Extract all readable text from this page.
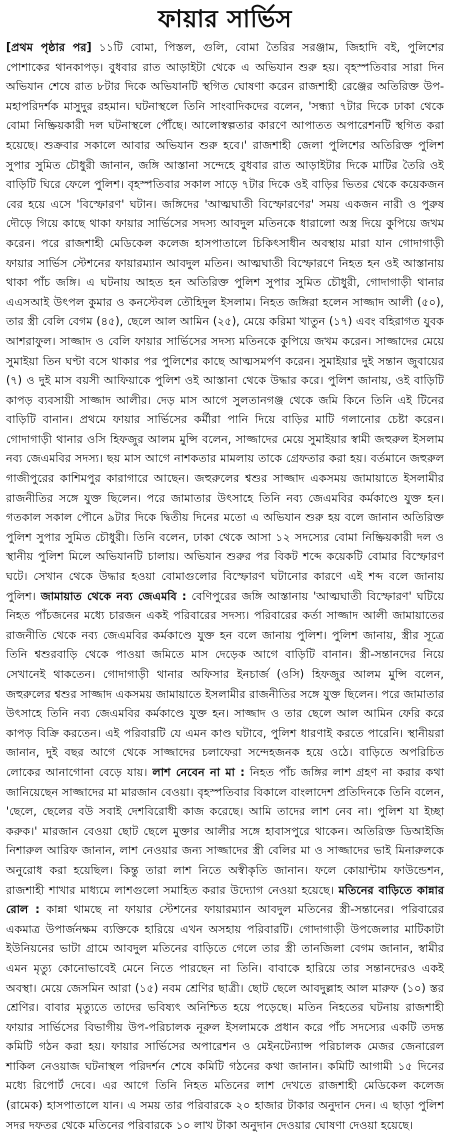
ফায়ার সার্ভিস

[প্রথম পৃষ্ঠার পর] ১১টি বোমা, পিস্তল, গুলি, বোমা তৈরির সরঞ্জাম, জিহাদি বই, পুলিশের পোশাকের থানকাপড়। বুধবার রাত আড়াইটা থেকে এ অভিযান শুরু হয়। বৃহস্পতিবার সারা দিন অভিযান শেষে রাত ৮টার দিকে অভিযানটি স্থগিত ঘোষণা করেন রাজশাহী রেঞ্জের অতিরিক্ত উপ-মহাপরিদর্শক মাসুদুর রহমান। ঘটনাস্থলে তিনি সাংবাদিকদের বলেন, 'সন্ধ্যা ৭টার দিকে ঢাকা থেকে বোমা নিষ্ক্রিয়কারী দল ঘটনাস্থলে পৌঁছে। আলোস্বল্পতার কারণে আপাতত অপারেশনটি স্থগিত করা হয়েছে। শুক্রবার সকালে আবার অভিযান শুরু হবে।' রাজশাহী জেলা পুলিশের অতিরিক্ত পুলিশ সুপার সুমিত চৌধুরী জানান, জঙ্গি আস্তানা সন্দেহে বুধবার রাত আড়াইটার দিকে মাটির তৈরি ওই বাড়িটি ঘিরে ফেলে পুলিশ। বৃহস্পতিবার সকাল সাড়ে ৭টার দিকে ওই বাড়ির ভিতর থেকে কয়েকজন বের হয়ে এসে 'বিস্ফোরণ' ঘটান। জঙ্গিদের 'আত্মঘাতী বিস্ফোরণের' সময় একজন নারী ও পুরুষ দৌড়ে গিয়ে কাছে থাকা ফায়ার সার্ভিসের সদস্য আবদুল মতিনকে ধারালো অস্ত্র দিয়ে কুপিয়ে জখম করেন। পরে রাজশাহী মেডিকেল কলেজ হাসপাতালে চিকিৎসাধীন অবস্থায় মারা যান গোদাগাড়ী ফায়ার সার্ভিস স্টেশনের ফায়ারম্যান আবদুল মতিন। আত্মঘাতী বিস্ফোরণে নিহত হন ওই আস্তানায় থাকা পাঁচ জঙ্গি। এ ঘটনায় আহত হন অতিরিক্ত পুলিশ সুপার সুমিত চৌধুরী, গোদাগাড়ী থানার এএসআই উৎপল কুমার ও কনস্টেবল তৌহিদুল ইসলাম। নিহত জঙ্গিরা হলেন সাজ্জাদ আলী (৫০), তার স্ত্রী বেলি বেগম (৪৫), ছেলে আল আমিন (২৫), মেয়ে করিমা খাতুন (১৭) এবং বহিরাগত যুবক আশরাফুল। সাজ্জাদ ও বেলি ফায়ার সার্ভিসের সদস্য মতিনকে কুপিয়ে জখম করেন। সাজ্জাদের মেয়ে সুমাইয়া তিন ঘণ্টা বসে থাকার পর পুলিশের কাছে আত্মসমর্পণ করেন। সুমাইয়ার দুই সন্তান জুবায়ের (৭) ও দুই মাস বয়সী আফিয়াকে পুলিশ ওই আস্তানা থেকে উদ্ধার করে। পুলিশ জানায়, ওই বাড়িটি কাপড় ব্যবসায়ী সাজ্জাদ আলীর। দেড় মাস আগে সুলতানগঞ্জ থেকে জমি কিনে তিনি এই টিনের বাড়িটি বানান। প্রথমে ফায়ার সার্ভিসের কর্মীরা পানি দিয়ে বাড়ির মাটি গলানোর চেষ্টা করেন। গোদাগাড়ী থানার ওসি হিফজুর আলম মুন্সি বলেন, সাজ্জাদের মেয়ে সুমাইয়ার স্বামী জহুরুল ইসলাম নব্য জেএমবির সদস্য। ছয় মাস আগে নাশকতার মামলায় তাকে গ্রেফতার করা হয়। বর্তমানে জহুরুল গাজীপুরের কাশিমপুর কারাগারে আছেন। জহুরুলের শ্বশুর সাজ্জাদ একসময় জামায়াতে ইসলামীর রাজনীতির সঙ্গে যুক্ত ছিলেন। পরে জামাতার উৎসাহে তিনি নব্য জেএমবির কর্মকাণ্ডে যুক্ত হন। গতকাল সকাল পৌনে ৯টার দিকে দ্বিতীয় দিনের মতো এ অভিযান শুরু হয় বলে জানান অতিরিক্ত পুলিশ সুপার সুমিত চৌধুরী। তিনি বলেন, ঢাকা থেকে আসা ১২ সদস্যের বোমা নিষ্ক্রিয়কারী দল ও স্থানীয় পুলিশ মিলে অভিযানটি চালায়। অভিযান শুরুর পর বিকট শব্দে কয়েকটি বোমার বিস্ফোরণ ঘটে। সেখান থেকে উদ্ধার হওয়া বোমাগুলোর বিস্ফোরণ ঘটানোর কারণে এই শব্দ বলে জানায় পুলিশ। জামায়াত থেকে নব্য জেএমবি : বেণিপুরের জঙ্গি আস্তানায় 'আত্মঘাতী বিস্ফোরণ' ঘটিয়ে নিহত পাঁচজনের মধ্যে চারজন একই পরিবারের সদস্য। পরিবারের কর্তা সাজ্জাদ আলী জামায়াতের রাজনীতি থেকে নব্য জেএমবির কর্মকাণ্ডে যুক্ত হন বলে জানায় পুলিশ। পুলিশ জানায়, স্ত্রীর সূত্রে তিনি শ্বশুরবাড়ি থেকে পাওয়া জমিতে মাস দেড়েক আগে বাড়িটি বানান। স্ত্রী-সন্তানদের নিয়ে সেখানেই থাকতেন। গোদাগাড়ী থানার অফিসার ইনচার্জ (ওসি) হিফজুর আলম মুন্সি বলেন, জহুরুলের শ্বশুর সাজ্জাদ একসময় জামায়াতে ইসলামীর রাজনীতির সঙ্গে যুক্ত ছিলেন। পরে জামাতার উৎসাহে তিনি নব্য জেএমবির কর্মকাণ্ডে যুক্ত হন। সাজ্জাদ ও তার ছেলে আল আমিন ফেরি করে কাপড় বিক্রি করতেন। এই পরিবারটি যে এমন কাণ্ড ঘটাবে, পুলিশ ধারণাই করতে পারেনি। স্থানীয়রা জানান, দুই বছর আগে থেকে সাজ্জাদের চলাফেরা সন্দেহজনক হয়ে ওঠে। বাড়িতে অপরিচিত লোকের আনাগোনা বেড়ে যায়। লাশ নেবেন না মা : নিহত পাঁচ জঙ্গির লাশ গ্রহণ না করার কথা জানিয়েছেন সাজ্জাদের মা মারজান বেওয়া। বৃহস্পতিবার বিকালে বাংলাদেশ প্রতিদিনকে তিনি বলেন, 'ছেলে, ছেলের বউ সবাই দেশবিরোধী কাজ করেছে। আমি তাদের লাশ নেব না। পুলিশ যা ইচ্ছা করুক।' মারজান বেওয়া ছোট ছেলে মুক্তার আলীর সঙ্গে হাবাসপুরে থাকেন। অতিরিক্ত ডিআইজি নিশারুল আরিফ জানান, লাশ নেওয়ার জন্য সাজ্জাদের স্ত্রী বেলির মা ও সাজ্জাদের ভাই মিনারুলকে অনুরোধ করা হয়েছিল। কিন্তু তারা লাশ নিতে অস্বীকৃতি জানান। ফলে কোয়ান্টাম ফাউন্ডেশন, রাজশাহী শাখার মাধ্যমে লাশগুলো সমাহিত করার উদ্যোগ নেওয়া হয়েছে। মতিনের বাড়িতে কান্নার রোল : কান্না থামছে না ফায়ার স্টেশনের ফায়ারম্যান আবদুল মতিনের স্ত্রী-সন্তানের। পরিবারের একমাত্র উপার্জনক্ষম ব্যক্তিকে হারিয়ে এখন অসহায় পরিবারটি। গোদাগাড়ী উপজেলার মাটিকাটা ইউনিয়নের ভাটা গ্রামে আবদুল মতিনের বাড়িতে গেলে তার স্ত্রী তানজিলা বেগম জানান, স্বামীর এমন মৃত্যু কোনোভাবেই মেনে নিতে পারছেন না তিনি। বাবাকে হারিয়ে তার সন্তানদেরও একই অবস্থা। মেয়ে জেসমিন আরা (১৫) নবম শ্রেণির ছাত্রী। ছোট ছেলে আবদুল্লাহ আল মারুফ (১০) স্তর শ্রেণির। বাবার মৃত্যুতে তাদের ভবিষ্যৎ অনিশ্চিত হয়ে পড়েছে। মতিন নিহতের ঘটনায় রাজশাহী ফায়ার সার্ভিসের বিভাগীয় উপ-পরিচালক নূরুল ইসলামকে প্রধান করে পাঁচ সদস্যের একটি তদন্ত কমিটি গঠন করা হয়। ফায়ার সার্ভিসের অপারেশন ও মেইনটেন্যান্স পরিচালক মেজর জেনারেল শাকিল নেওয়াজ ঘটনাস্থল পরিদর্শন শেষে কমিটি গঠনের কথা জানান। কমিটি আগামী ১৫ দিনের মধ্যে রিপোর্ট দেবে। এর আগে তিনি নিহত মতিনের লাশ দেখতে রাজশাহী মেডিকেল কলেজ (রামেক) হাসপাতালে যান। এ সময় তার পরিবারকে ২০ হাজার টাকার অনুদান দেন। এ ছাড়া পুলিশ সদর দফতর থেকে মতিনের পরিবারকে ১০ লাখ টাকা অনুদান দেওয়ার ঘোষণা দেওয়া হয়েছে।
